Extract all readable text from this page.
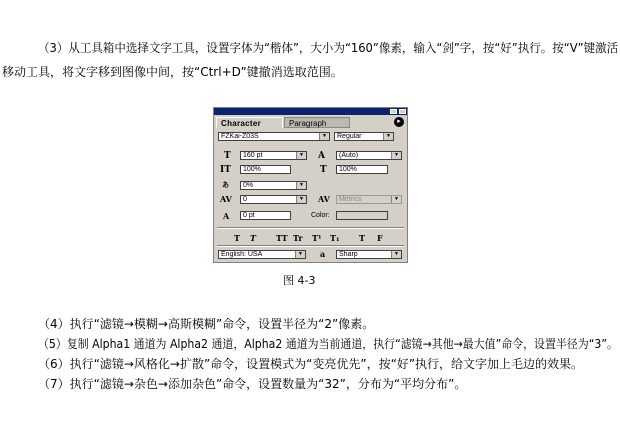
（3）从工具箱中选择文字工具，设置字体为“楷体”，大小为“160”像素，输入“剑”字，按“好”执行。按“V”键激活
移动工具，将文字移到图像中间，按“Ctrl+D”键撤消选取范围。
Character	Paragraph	▸
FZKai-Z03S	▼	Regular	▼
T	160 pt	▼ A	(Auto)	▼
IT	100%	T	100%
あ	0%	▼
AV	0	▼ AV	Metrics	▼
A	0 pt	Color:
T T	TT Tr T¹ T₁ T F
English: USA	▼ a	Sharp	▼
图 4-3
（4）执行“滤镜→模糊→高斯模糊”命令，设置半径为“2”像素。
（5）复制 Alpha1 通道为 Alpha2 通道，Alpha2 通道为当前通道，执行“滤镜→其他→最大值”命令，设置半径为“3”。
（6）执行“滤镜→风格化→扩散”命令，设置模式为“变亮优先”，按“好”执行，给文字加上毛边的效果。
（7）执行“滤镜→杂色→添加杂色”命令，设置数量为“32”，分布为“平均分布”。
